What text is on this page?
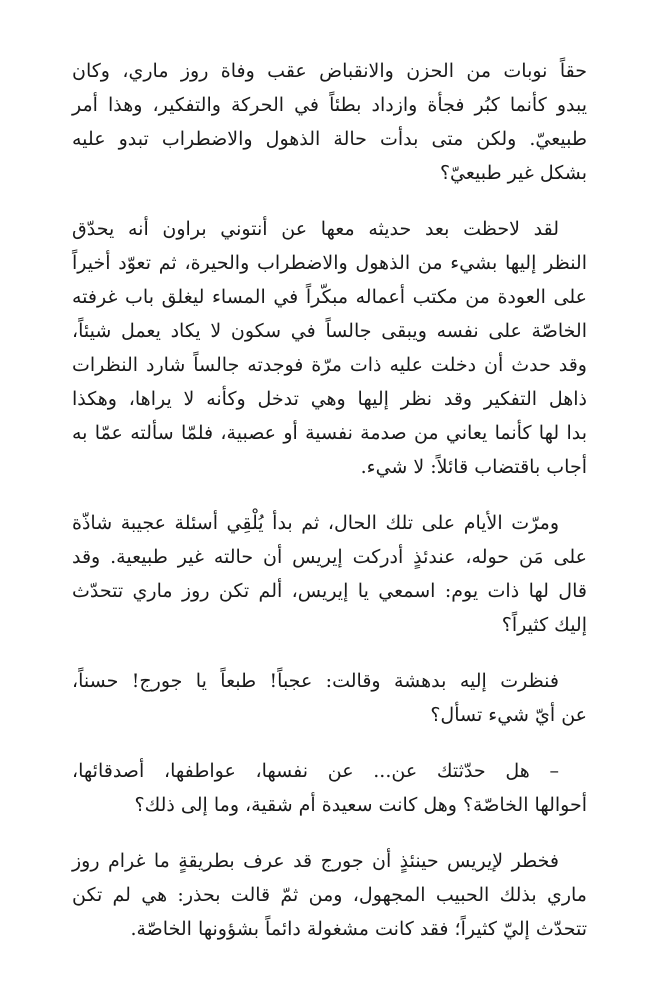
حقاً نوبات من الحزن والانقباض عقب وفاة روز ماري، وكان
يبدو كأنما كبُر فجأة وازداد بطئاً في الحركة والتفكير، وهذا أمر
طبيعيّ. ولكن متى بدأت حالة الذهول والاضطراب تبدو عليه
بشكل غير طبيعيّ؟

لقد لاحظت بعد حديثه معها عن أنتوني براون أنه يحدّق
النظر إليها بشيء من الذهول والاضطراب والحيرة، ثم تعوّد أخيراً
على العودة من مكتب أعماله مبكّراً في المساء ليغلق باب غرفته
الخاصّة على نفسه ويبقى جالساً في سكون لا يكاد يعمل شيئاً،
وقد حدث أن دخلت عليه ذات مرّة فوجدته جالساً شارد النظرات
ذاهل التفكير وقد نظر إليها وهي تدخل وكأنه لا يراها، وهكذا
بدا لها كأنما يعاني من صدمة نفسية أو عصبية، فلمّا سألته عمّا به
أجاب باقتضاب قائلاً: لا شيء.

ومرّت الأيام على تلك الحال، ثم بدأ يُلْقِي أسئلة عجيبة شاذّة
على مَن حوله، عندئذٍ أدركت إيريس أن حالته غير طبيعية. وقد
قال لها ذات يوم: اسمعي يا إيريس، ألم تكن روز ماري تتحدّث
إليك كثيراً؟

فنظرت إليه بدهشة وقالت: عجباً! طبعاً يا جورج! حسناً،
عن أيّ شيء تسأل؟

– هل حدّثتك عن... عن نفسها، عواطفها، أصدقائها،
أحوالها الخاصّة؟ وهل كانت سعيدة أم شقية، وما إلى ذلك؟

فخطر لإيريس حينئذٍ أن جورج قد عرف بطريقةٍ ما غرام روز
ماري بذلك الحبيب المجهول، ومن ثمّ قالت بحذر: هي لم تكن
تتحدّث إليّ كثيراً؛ فقد كانت مشغولة دائماً بشؤونها الخاصّة.
